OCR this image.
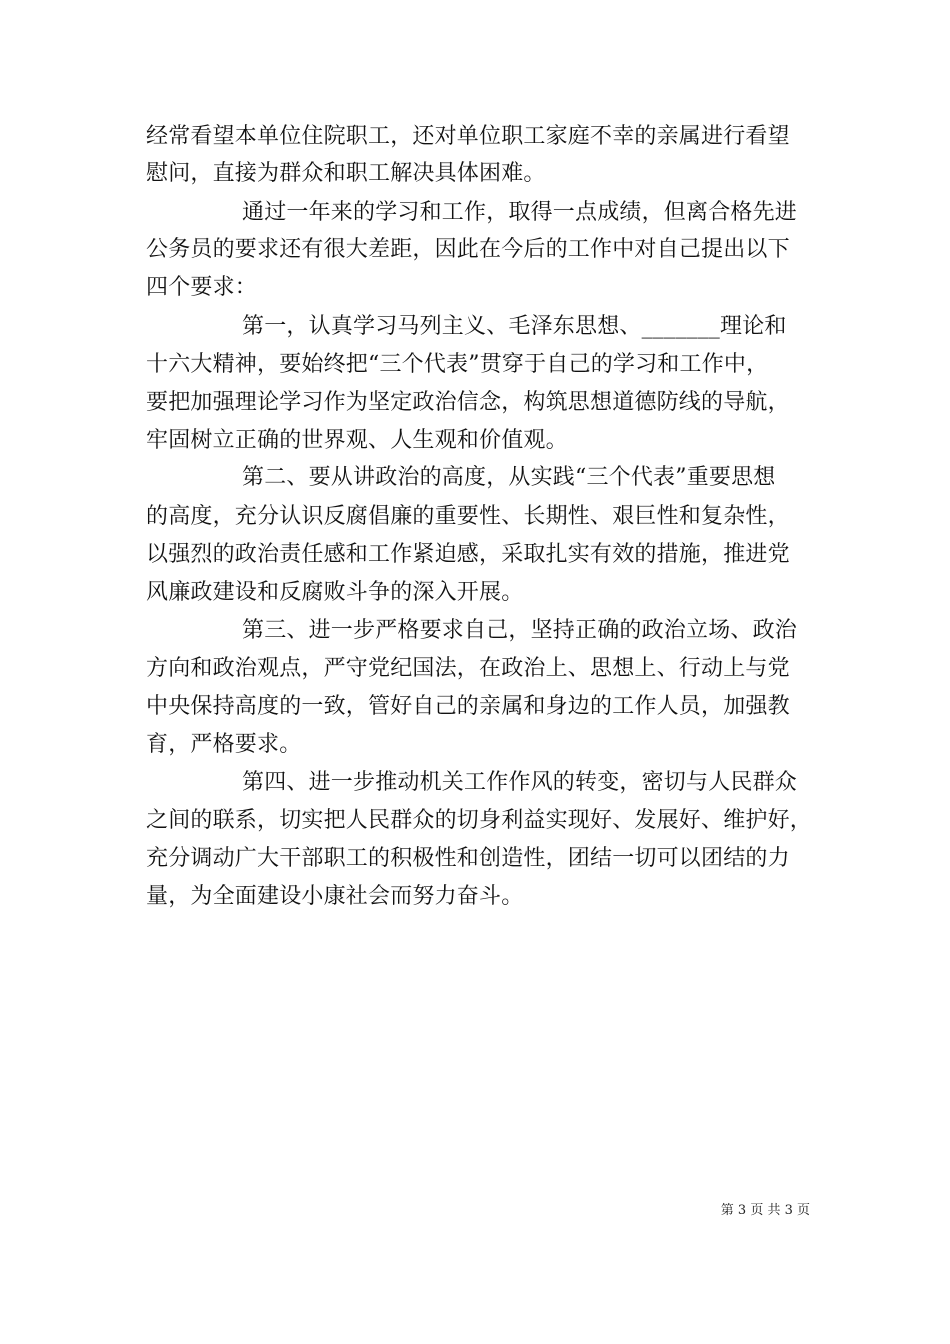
经常看望本单位住院职工，还对单位职工家庭不幸的亲属进行看望
慰问，直接为群众和职工解决具体困难。
通过一年来的学习和工作，取得一点成绩，但离合格先进
公务员的要求还有很大差距，因此在今后的工作中对自己提出以下
四个要求：
第一，认真学习马列主义、毛泽东思想、_______理论和
十六大精神，要始终把“三个代表”贯穿于自己的学习和工作中，
要把加强理论学习作为坚定政治信念，构筑思想道德防线的导航，
牢固树立正确的世界观、人生观和价值观。
第二、要从讲政治的高度，从实践“三个代表”重要思想
的高度，充分认识反腐倡廉的重要性、长期性、艰巨性和复杂性，
以强烈的政治责任感和工作紧迫感，采取扎实有效的措施，推进党
风廉政建设和反腐败斗争的深入开展。
第三、进一步严格要求自己，坚持正确的政治立场、政治
方向和政治观点，严守党纪国法，在政治上、思想上、行动上与党
中央保持高度的一致，管好自己的亲属和身边的工作人员，加强教
育，严格要求。
第四、进一步推动机关工作作风的转变，密切与人民群众
之间的联系，切实把人民群众的切身利益实现好、发展好、维护好，
充分调动广大干部职工的积极性和创造性，团结一切可以团结的力
量，为全面建设小康社会而努力奋斗。
第 3 页 共 3 页
